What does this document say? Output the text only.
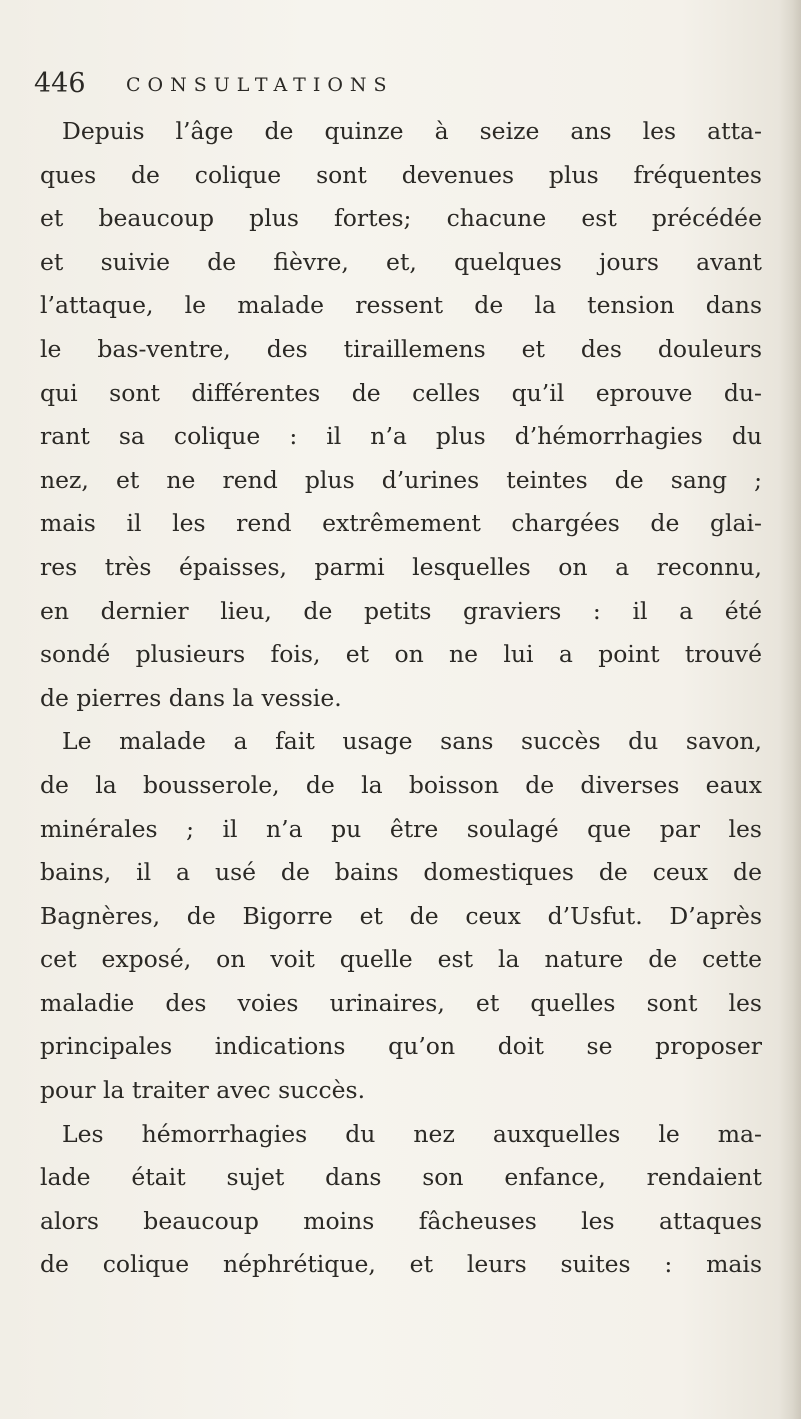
446 CONSULTATIONS
Depuis l’âge de quinze à seize ans les atta-
ques de colique sont devenues plus fréquentes
et beaucoup plus fortes; chacune est précédée
et suivie de fièvre, et, quelques jours avant
l’attaque, le malade ressent de la tension dans
le bas-ventre, des tiraillemens et des douleurs
qui sont différentes de celles qu’il eprouve du-
rant sa colique : il n’a plus d’hémorrhagies du
nez, et ne rend plus d’urines teintes de sang ;
mais il les rend extrêmement chargées de glai-
res très épaisses, parmi lesquelles on a reconnu,
en dernier lieu, de petits graviers : il a été
sondé plusieurs fois, et on ne lui a point trouvé
de pierres dans la vessie.
Le malade a fait usage sans succès du savon,
de la bousserole, de la boisson de diverses eaux
minérales ; il n’a pu être soulagé que par les
bains, il a usé de bains domestiques de ceux de
Bagnères, de Bigorre et de ceux d’Usfut. D’après
cet exposé, on voit quelle est la nature de cette
maladie des voies urinaires, et quelles sont les
principales indications qu’on doit se proposer
pour la traiter avec succès.
Les hémorrhagies du nez auxquelles le ma-
lade était sujet dans son enfance, rendaient
alors beaucoup moins fâcheuses les attaques
de colique néphrétique, et leurs suites : mais
